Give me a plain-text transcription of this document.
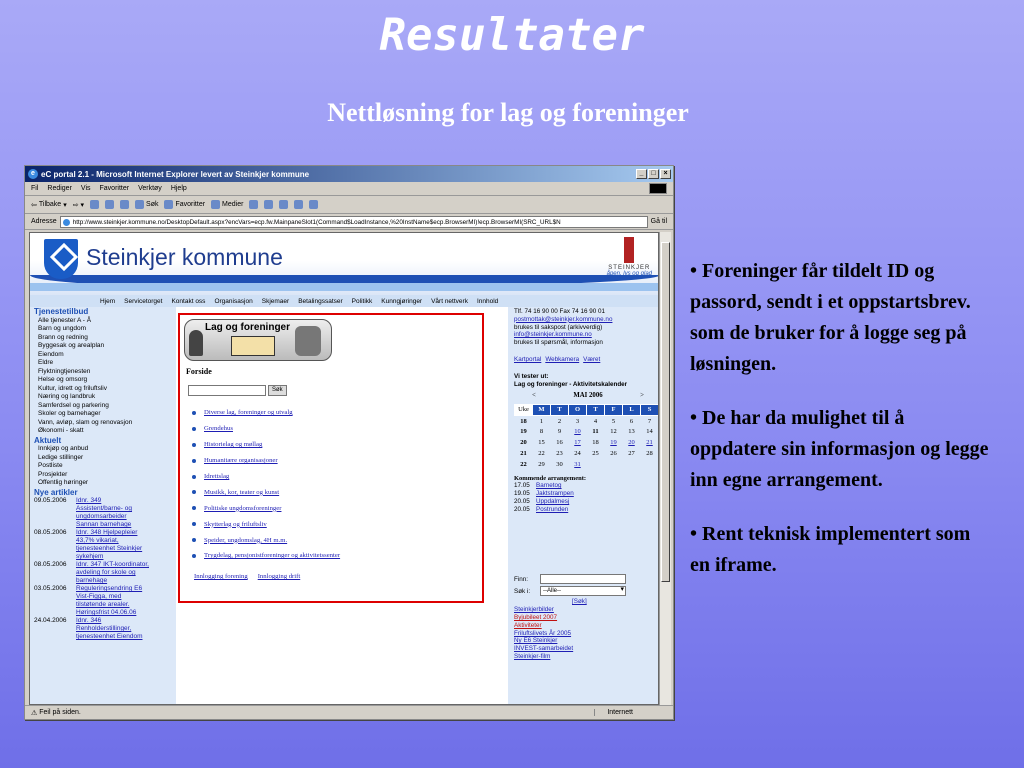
Resultater
Nettløsning for lag og foreninger

• Foreninger får tildelt ID og passord, sendt i et oppstartsbrev. som de bruker for å logge seg på løsningen.

• De har da mulighet til å oppdatere sin informasjon og legge inn egne arrangement.

• Rent teknisk implementert som en iframe.

e eC portal 2.1 - Microsoft Internet Explorer levert av Steinkjer kommune	_	□	×
Fil Rediger Vis Favoritter Verktøy Hjelp
⇦ Tilbake ▾ ⇨ ▾	Søk Favoritter Medier
Adresse	http://www.steinkjer.kommune.no/DesktopDefault.aspx?encVars=ecp.fw.MainpaneSlot1(Command$LoadInstance,%20InstName$ecp.BrowserMI)!ecp.BrowserMI(SRC_URL$N	Gå til
Steinkjer kommune	STEINKJER
åpen, lys og glad
Hjem Servicetorget Kontakt oss Organisasjon Skjemaer Betalingssatser Politikk Kunngjøringer Vårt nettverk Innhold
Tjenestetilbud
Alle tjenester A - Å
Barn og ungdom
Brann og redning
Byggesak og arealplan
Eiendom
Eldre
Flyktningtjenesten
Helse og omsorg
Kultur, idrett og friluftsliv
Næring og landbruk
Samferdsel og parkering
Skoler og barnehager
Vann, avløp, slam og renovasjon
Økonomi - skatt
Aktuelt
Innkjøp og anbud
Ledige stillinger
Postliste
Prosjekter
Offentlig høringer
Nye artikler
09.05.2006	Idnr. 349
Assistent/barne- og
ungdomsarbeider
Sannan barnehage
08.05.2006	Idnr. 348 Hjelpepleier
43,7% vikariat,
tjenesteenhet Steinkjer
sykehjem
08.05.2006	Idnr. 347 IKT-koordinator,
avdeling for skole og
barnehage
03.05.2006	Reguleringsendring E6
Vist-Figga, med
tilstøtende arealer.
Høringsfrist 04.06.06
24.04.2006	Idnr. 346
Renholderstillinger,
tjenesteenhet Eiendom
Lag og foreninger
Forside
Søk
Diverse lag, foreninger og utvalg
Grendehus
Historielag og møllag
Humanitære organisasjoner
Idrettslag
Musikk, kor, teater og kunst
Politiske ungdomsforeninger
Skytterlag og friluftsliv
Speider, ungdomslag, 4H m.m.
Trygdelag, pensjonistforeninger og aktivitetssenter
Innlogging forening Innlogging drift
Tlf. 74 16 90 00 Fax 74 16 90 01
postmottak@steinkjer.kommune.no
brukes til sakspost (arkivverdig)
info@steinkjer.kommune.no
brukes til spørsmål, informasjon
Kartportal Webkamera Været
Vi tester ut:
Lag og foreninger - Aktivitetskalender
<	MAI 2006	>
Uke	M	T	O	T	F	L	S
18	1	2	3	4	5	6	7
19	8	9	10	11	12	13	14
20	15	16	17	18	19	20	21
21	22	23	24	25	26	27	28
22	29	30	31				
Kommende arrangement:
17.05 Barnetog
19.05 Jaktstrampen
20.05 Uppdalmesj
20.05 Postrunden
Finn:
Søk i:	--Alle-- ▾
[Søk]
Steinkjerbilder
Byjubileet 2007
Aktiviteter
Friluftslivets År 2005
Ny E6 Steinkjer
INVEST-samarbeidet
Steinkjer-film
⚠
Feil på siden.	Internett
